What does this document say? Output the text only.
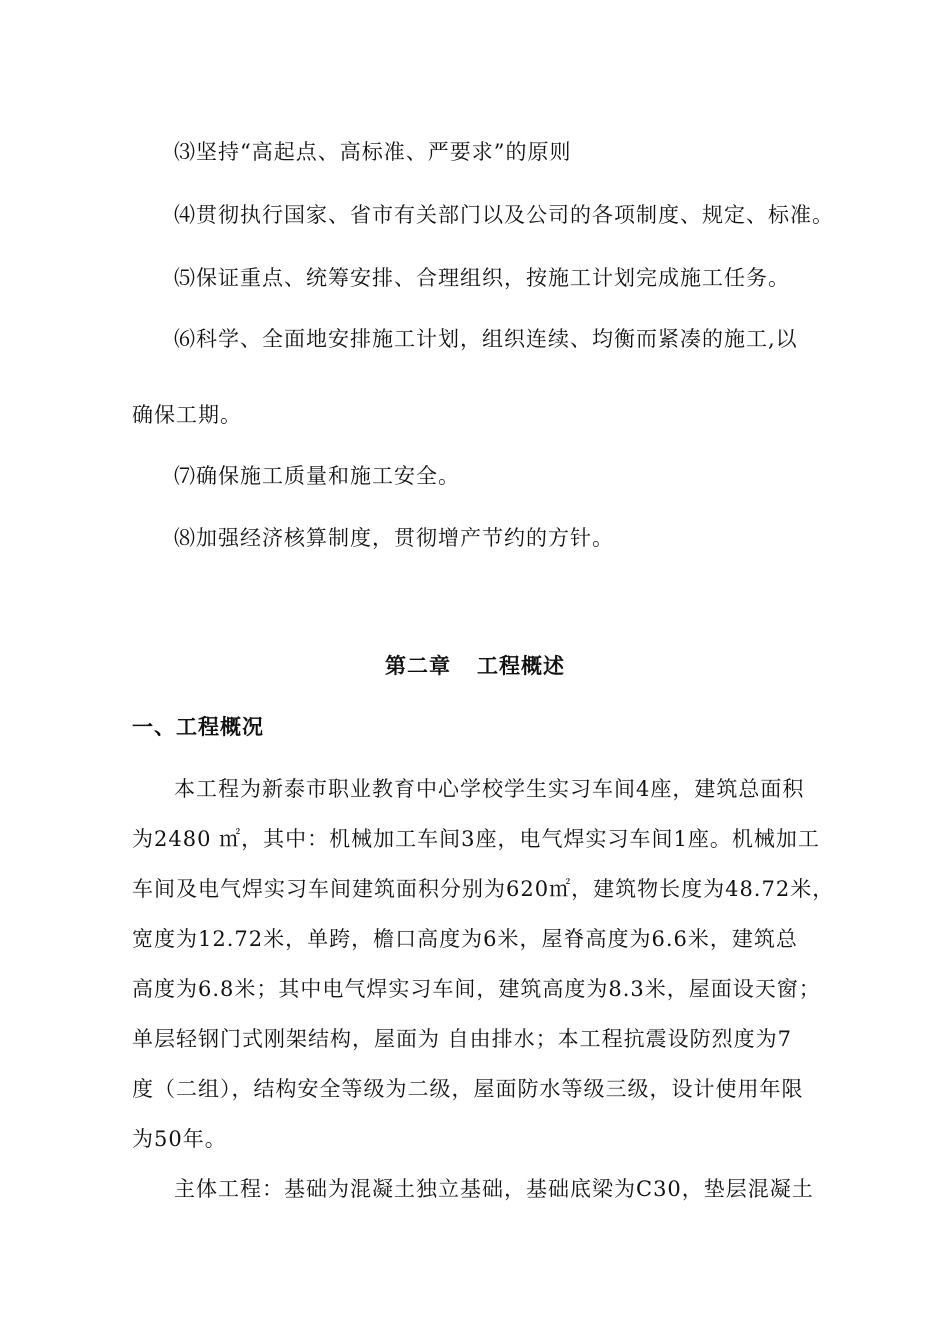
⑶坚持“高起点、高标准、严要求”的原则
⑷贯彻执行国家、省市有关部门以及公司的各项制度、规定、标准。
⑸保证重点、统筹安排、合理组织，按施工计划完成施工任务。
⑹科学、全面地安排施工计划，组织连续、均衡而紧凑的施工,以
确保工期。
⑺确保施工质量和施工安全。
⑻加强经济核算制度，贯彻增产节约的方针。
第二章 工程概述
一、工程概况
本工程为新泰市职业教育中心学校学生实习车间4座，建筑总面积
为2480 ㎡，其中：机械加工车间3座，电气焊实习车间1座。机械加工
车间及电气焊实习车间建筑面积分别为620㎡，建筑物长度为48.72米，
宽度为12.72米，单跨，檐口高度为6米，屋脊高度为6.6米，建筑总
高度为6.8米；其中电气焊实习车间，建筑高度为8.3米，屋面设天窗；
单层轻钢门式刚架结构，屋面为 自由排水；本工程抗震设防烈度为7
度（二组），结构安全等级为二级，屋面防水等级三级，设计使用年限
为50年。
主体工程：基础为混凝土独立基础，基础底梁为C30，垫层混凝土
